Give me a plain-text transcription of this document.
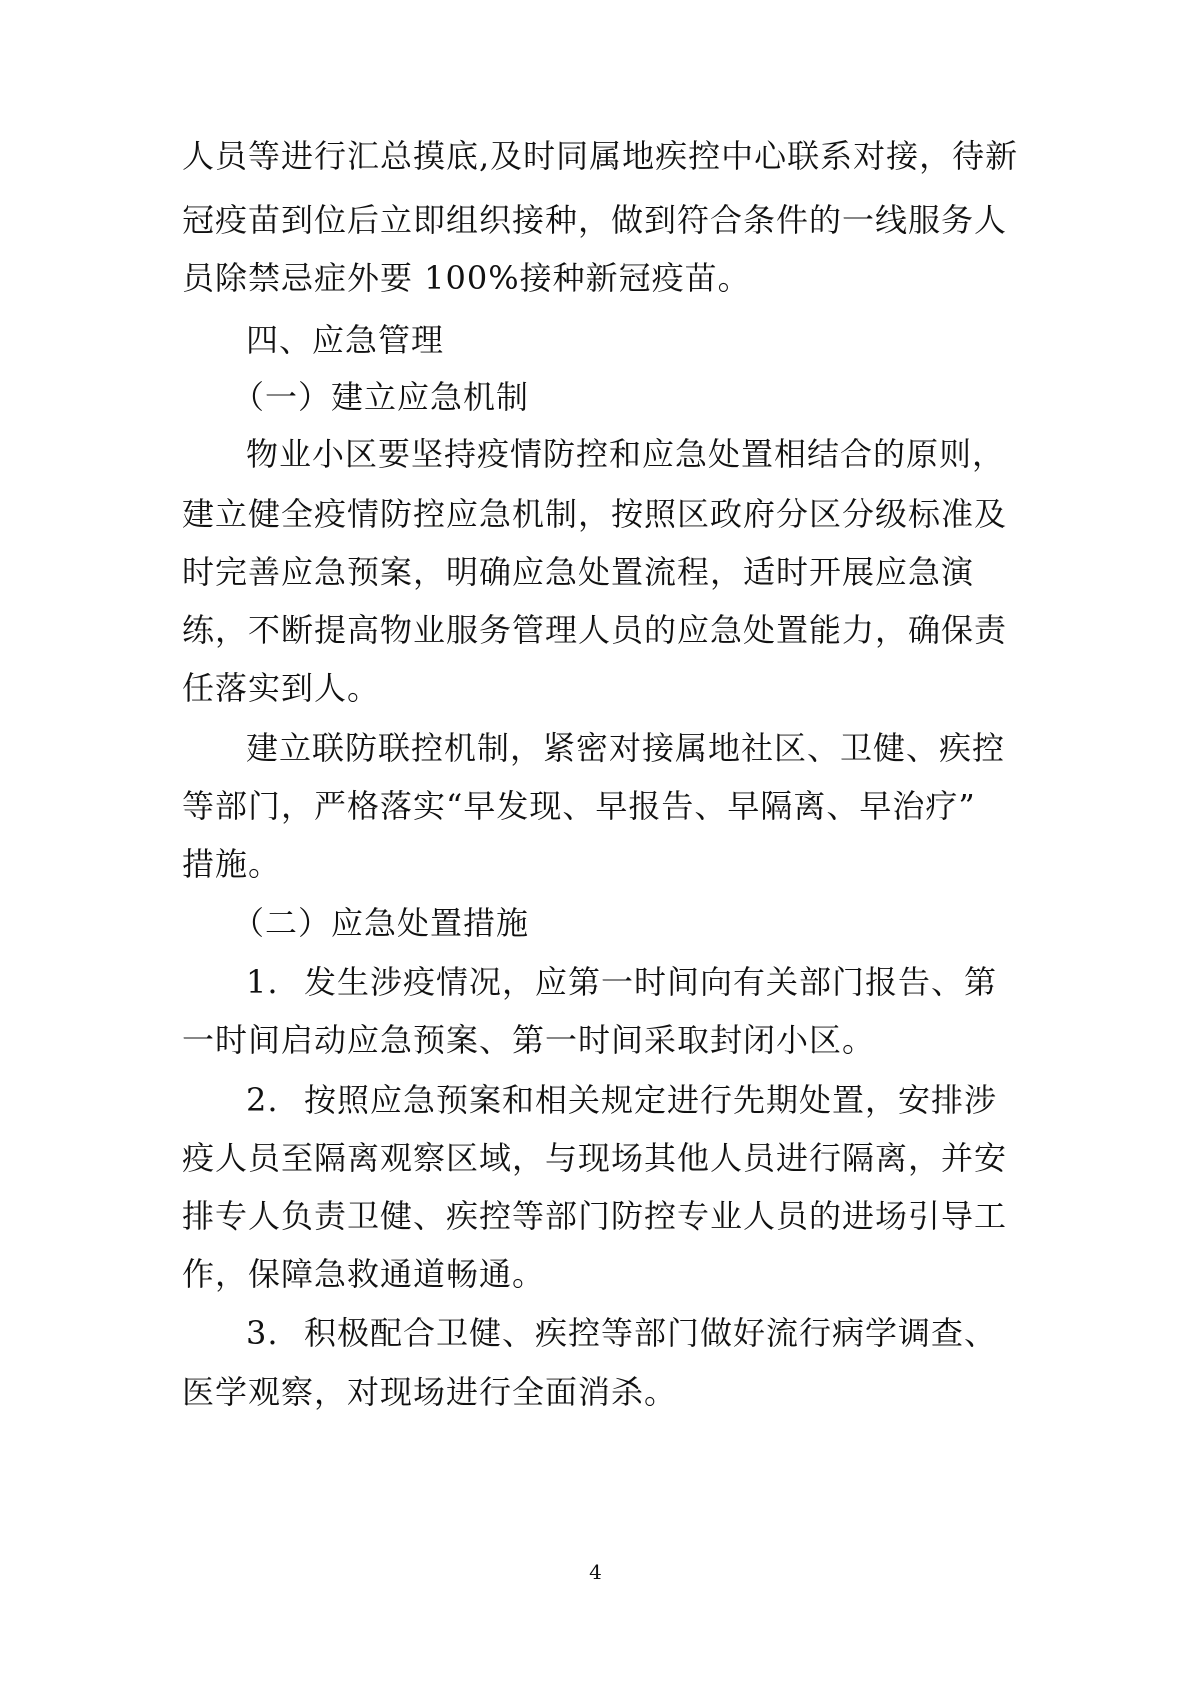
人员等进行汇总摸底,及时同属地疾控中心联系对接，待新
冠疫苗到位后立即组织接种，做到符合条件的一线服务人
员除禁忌症外要 100%接种新冠疫苗。
四、应急管理
（一）建立应急机制
物业小区要坚持疫情防控和应急处置相结合的原则，
建立健全疫情防控应急机制，按照区政府分区分级标准及
时完善应急预案，明确应急处置流程，适时开展应急演
练，不断提高物业服务管理人员的应急处置能力，确保责
任落实到人。
建立联防联控机制，紧密对接属地社区、卫健、疾控
等部门，严格落实“早发现、早报告、早隔离、早治疗”
措施。
（二）应急处置措施
1. 发生涉疫情况，应第一时间向有关部门报告、第
一时间启动应急预案、第一时间采取封闭小区。
2. 按照应急预案和相关规定进行先期处置，安排涉
疫人员至隔离观察区域，与现场其他人员进行隔离，并安
排专人负责卫健、疾控等部门防控专业人员的进场引导工
作，保障急救通道畅通。
3. 积极配合卫健、疾控等部门做好流行病学调查、
医学观察，对现场进行全面消杀。
4
